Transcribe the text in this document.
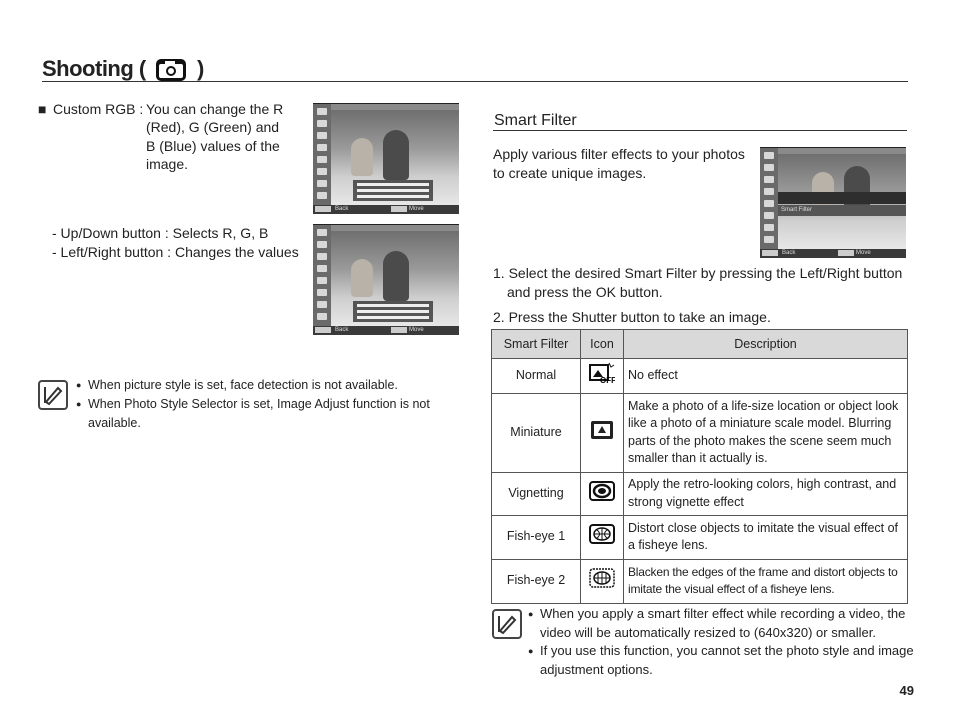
Shooting ( )
■ Custom RGB : You can change the R
(Red), G (Green) and
B (Blue) values of the
image.
- Up/Down button : Selects R, G, B
- Left/Right button : Changes the values
Back	Move
Back	Move
● When picture style is set, face detection is not available.
● When Photo Style Selector is set, Image Adjust function is not
available.
Smart Filter
Apply various filter effects to your photos
to create unique images.
Smart Filter
Back	Move
1. Select the desired Smart Filter by pressing the Left/Right button
and press the OK button.
2. Press the Shutter button to take an image.
Smart Filter	Icon	Description
Normal	OFF	No effect
Miniature		Make a photo of a life-size location or object look like a photo of a miniature scale model. Blurring parts of the photo makes the scene seem much smaller than it actually is.
Vignetting		Apply the retro-looking colors, high contrast, and strong vignette effect
Fish-eye 1		Distort close objects to imitate the visual effect of a fisheye lens.
Fish-eye 2		Blacken the edges of the frame and distort objects to imitate the visual effect of a fisheye lens.
● When you apply a smart filter effect while recording a video, the
video will be automatically resized to (640x320) or smaller.
● If you use this function, you cannot set the photo style and image
adjustment options.
49
